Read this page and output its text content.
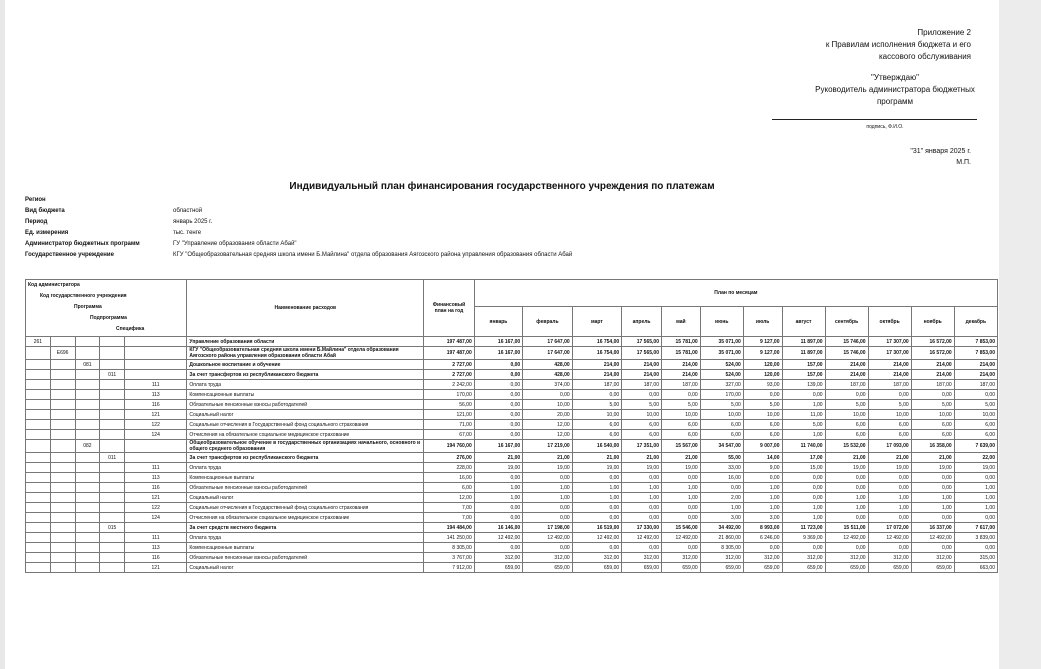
Приложение 2
к Правилам исполнения бюджета и его
кассового обслуживания
"Утверждаю"
Руководитель администратора бюджетных
программ
подпись, Ф.И.О.
"31" января 2025 г.
М.П.
Индивидуальный план финансирования государственного учреждения по платежам
Регион
Вид бюджета	областной
Период	январь 2025 г.
Ед. измерения	тыс. тенге
Администратор бюджетных программ	ГУ "Управление образования области Абай"
Государственное учреждение	КГУ "Общеобразовательная средняя школа имени Б.Майлина" отдела образования Аягозского района управления образования области Абай
Код администратора
Код государственного учреждения
Программа
Подпрограмма
Специфика					Наименование расходов	Финансовый план на год	План по месяцам											
							январь	февраль	март	апрель	май	июнь	июль	август	сентябрь	октябрь	ноябрь	декабрь
261					Управление образования области	197 487,00	16 167,00	17 647,00	16 754,00	17 565,00	15 781,00	35 071,00	9 127,00	11 897,00	15 746,00	17 307,00	16 572,00	7 853,00
	E696				КГУ "Общеобразовательная средняя школа имени Б.Майлина" отдела образования Аягозского района управления образования области Абай	197 487,00	16 167,00	17 647,00	16 754,00	17 565,00	15 781,00	35 071,00	9 127,00	11 897,00	15 746,00	17 307,00	16 572,00	7 853,00
		081			Дошкольное воспитание и обучение	2 727,00	0,00	428,00	214,00	214,00	214,00	524,00	120,00	157,00	214,00	214,00	214,00	214,00
			011		За счет трансфертов из республиканского бюджета	2 727,00	0,00	428,00	214,00	214,00	214,00	524,00	120,00	157,00	214,00	214,00	214,00	214,00
				111	Оплата труда	2 242,00	0,00	374,00	187,00	187,00	187,00	327,00	93,00	139,00	187,00	187,00	187,00	187,00
				113	Компенсационные выплаты	170,00	0,00	0,00	0,00	0,00	0,00	170,00	0,00	0,00	0,00	0,00	0,00	0,00
				116	Обязательные пенсионные взносы работодателей	56,00	0,00	10,00	5,00	5,00	5,00	5,00	5,00	1,00	5,00	5,00	5,00	5,00
				121	Социальный налог	121,00	0,00	20,00	10,00	10,00	10,00	10,00	10,00	11,00	10,00	10,00	10,00	10,00
				122	Социальные отчисления в Государственный фонд социального страхования	71,00	0,00	12,00	6,00	6,00	6,00	6,00	6,00	5,00	6,00	6,00	6,00	6,00
				124	Отчисления на обязательное социальное медицинское страхование	67,00	0,00	12,00	6,00	6,00	6,00	6,00	6,00	1,00	6,00	6,00	6,00	6,00
		082			Общеобразовательное обучение в государственных организациях начального, основного и общего среднего образования	194 760,00	16 167,00	17 219,00	16 540,00	17 351,00	15 567,00	34 547,00	9 007,00	11 740,00	15 532,00	17 093,00	16 358,00	7 639,00
			011		За счет трансфертов из республиканского бюджета	276,00	21,00	21,00	21,00	21,00	21,00	55,00	14,00	17,00	21,00	21,00	21,00	22,00
				111	Оплата труда	228,00	19,00	19,00	19,00	19,00	19,00	33,00	9,00	15,00	19,00	19,00	19,00	19,00
				113	Компенсационные выплаты	16,00	0,00	0,00	0,00	0,00	0,00	16,00	0,00	0,00	0,00	0,00	0,00	0,00
				116	Обязательные пенсионные взносы работодателей	6,00	1,00	1,00	1,00	1,00	1,00	0,00	1,00	0,00	0,00	0,00	0,00	1,00
				121	Социальный налог	12,00	1,00	1,00	1,00	1,00	1,00	2,00	1,00	0,00	1,00	1,00	1,00	1,00
				122	Социальные отчисления в Государственный фонд социального страхования	7,00	0,00	0,00	0,00	0,00	0,00	1,00	1,00	1,00	1,00	1,00	1,00	1,00
				124	Отчисления на обязательное социальное медицинское страхование	7,00	0,00	0,00	0,00	0,00	0,00	3,00	3,00	1,00	0,00	0,00	0,00	0,00
			015		За счет средств местного бюджета	194 484,00	16 146,00	17 198,00	16 519,00	17 330,00	15 546,00	34 492,00	8 993,00	11 723,00	15 511,00	17 072,00	16 337,00	7 617,00
				111	Оплата труда	141 250,00	12 492,00	12 492,00	12 492,00	12 492,00	12 492,00	21 860,00	6 246,00	9 369,00	12 492,00	12 492,00	12 492,00	3 839,00
				113	Компенсационные выплаты	8 305,00	0,00	0,00	0,00	0,00	0,00	8 305,00	0,00	0,00	0,00	0,00	0,00	0,00
				116	Обязательные пенсионные взносы работодателей	3 767,00	312,00	312,00	312,00	312,00	312,00	312,00	312,00	312,00	312,00	312,00	312,00	315,00
				121	Социальный налог	7 912,00	659,00	659,00	659,00	659,00	659,00	659,00	659,00	659,00	659,00	659,00	659,00	663,00
